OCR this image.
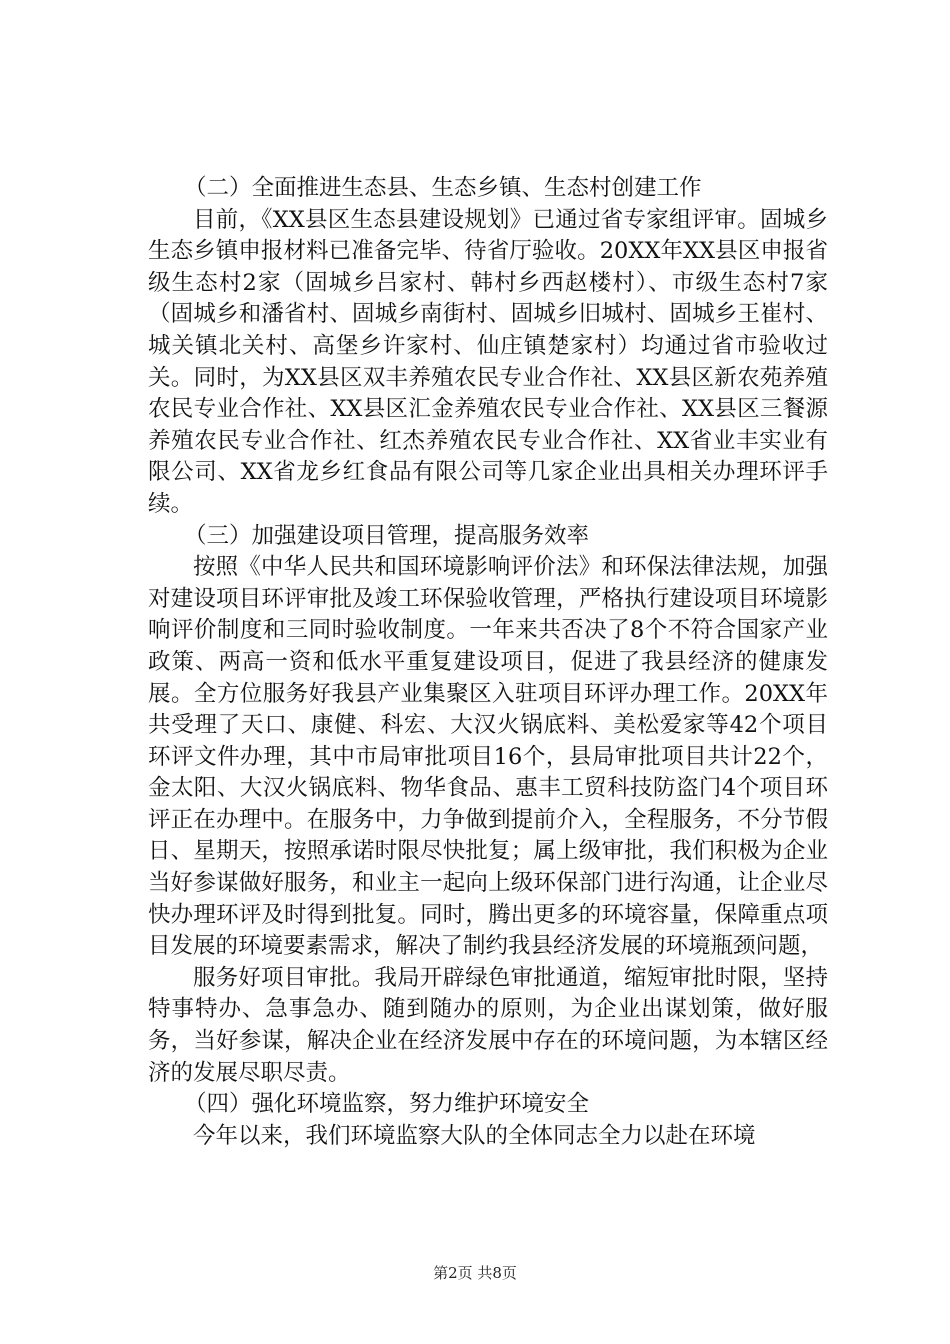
（二）全面推进生态县、生态乡镇、生态村创建工作

目前，《XX县区生态县建设规划》已通过省专家组评审。固城乡生态乡镇申报材料已准备完毕、待省厅验收。20XX年XX县区申报省级生态村2家（固城乡吕家村、韩村乡西赵楼村）、市级生态村7家（固城乡和潘省村、固城乡南街村、固城乡旧城村、固城乡王崔村、城关镇北关村、高堡乡许家村、仙庄镇楚家村）均通过省市验收过关。同时，为XX县区双丰养殖农民专业合作社、XX县区新农苑养殖农民专业合作社、XX县区汇金养殖农民专业合作社、XX县区三餐源养殖农民专业合作社、红杰养殖农民专业合作社、XX省业丰实业有限公司、XX省龙乡红食品有限公司等几家企业出具相关办理环评手续。

（三）加强建设项目管理，提高服务效率

按照《中华人民共和国环境影响评价法》和环保法律法规，加强对建设项目环评审批及竣工环保验收管理，严格执行建设项目环境影响评价制度和三同时验收制度。一年来共否决了8个不符合国家产业政策、两高一资和低水平重复建设项目，促进了我县经济的健康发展。全方位服务好我县产业集聚区入驻项目环评办理工作。20XX年共受理了天口、康健、科宏、大汉火锅底料、美松爱家等42个项目环评文件办理，其中市局审批项目16个，县局审批项目共计22个，金太阳、大汉火锅底料、物华食品、惠丰工贸科技防盗门4个项目环评正在办理中。在服务中，力争做到提前介入，全程服务，不分节假日、星期天，按照承诺时限尽快批复；属上级审批，我们积极为企业当好参谋做好服务，和业主一起向上级环保部门进行沟通，让企业尽快办理环评及时得到批复。同时，腾出更多的环境容量，保障重点项目发展的环境要素需求，解决了制约我县经济发展的环境瓶颈问题，

服务好项目审批。我局开辟绿色审批通道，缩短审批时限，坚持特事特办、急事急办、随到随办的原则，为企业出谋划策，做好服务，当好参谋，解决企业在经济发展中存在的环境问题，为本辖区经济的发展尽职尽责。

（四）强化环境监察，努力维护环境安全

今年以来，我们环境监察大队的全体同志全力以赴在环境

第2页 共8页
